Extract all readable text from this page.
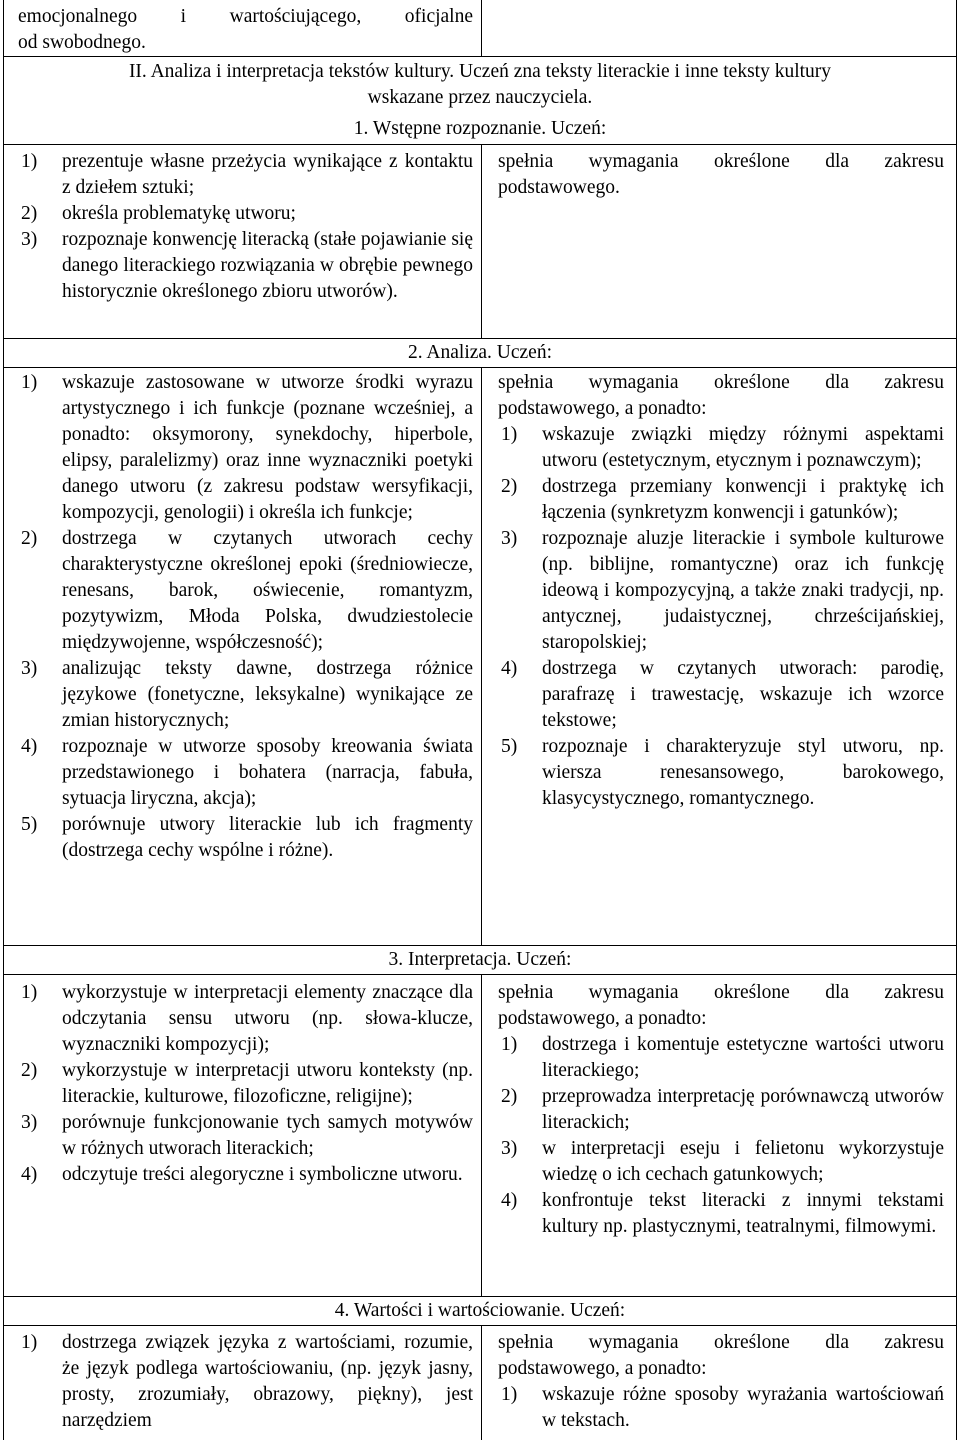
emocjonalnego i wartościującego, oficjalne
od swobodnego.
II. Analiza i interpretacja tekstów kultury. Uczeń zna teksty literackie i inne teksty kultury
wskazane przez nauczyciela.
1. Wstępne rozpoznanie. Uczeń:
1) prezentuje własne przeżycia wynikające z kontaktu z dziełem sztuki;
2) określa problematykę utworu;
3) rozpoznaje konwencję literacką (stałe pojawianie się danego literackiego rozwiązania w obrębie pewnego historycznie określonego zbioru utworów).
spełnia wymagania określone dla zakresu podstawowego.
2. Analiza. Uczeń:
1) wskazuje zastosowane w utworze środki wyrazu artystycznego i ich funkcje (poznane wcześniej, a ponadto: oksymorony, synekdochy, hiperbole, elipsy, paralelizmy) oraz inne wyznaczniki poetyki danego utworu (z zakresu podstaw wersyfikacji, kompozycji, genologii) i określa ich funkcje;
2) dostrzega w czytanych utworach cechy charakterystyczne określonej epoki (średniowiecze, renesans, barok, oświecenie, romantyzm, pozytywizm, Młoda Polska, dwudziestolecie międzywojenne, współczesność);
3) analizując teksty dawne, dostrzega różnice językowe (fonetyczne, leksykalne) wynikające ze zmian historycznych;
4) rozpoznaje w utworze sposoby kreowania świata przedstawionego i bohatera (narracja, fabuła, sytuacja liryczna, akcja);
5) porównuje utwory literackie lub ich fragmenty (dostrzega cechy wspólne i różne).
spełnia wymagania określone dla zakresu podstawowego, a ponadto:
1) wskazuje związki między różnymi aspektami utworu (estetycznym, etycznym i poznawczym);
2) dostrzega przemiany konwencji i praktykę ich łączenia (synkretyzm konwencji i gatunków);
3) rozpoznaje aluzje literackie i symbole kulturowe (np. biblijne, romantyczne) oraz ich funkcję ideową i kompozycyjną, a także znaki tradycji, np. antycznej, judaistycznej, chrześcijańskiej, staropolskiej;
4) dostrzega w czytanych utworach: parodię, parafrazę i trawestację, wskazuje ich wzorce tekstowe;
5) rozpoznaje i charakteryzuje styl utworu, np. wiersza renesansowego, barokowego, klasycystycznego, romantycznego.
3. Interpretacja. Uczeń:
1) wykorzystuje w interpretacji elementy znaczące dla odczytania sensu utworu (np. słowa-klucze, wyznaczniki kompozycji);
2) wykorzystuje w interpretacji utworu konteksty (np. literackie, kulturowe, filozoficzne, religijne);
3) porównuje funkcjonowanie tych samych motywów w różnych utworach literackich;
4) odczytuje treści alegoryczne i symboliczne utworu.
spełnia wymagania określone dla zakresu podstawowego, a ponadto:
1) dostrzega i komentuje estetyczne wartości utworu literackiego;
2) przeprowadza interpretację porównawczą utworów literackich;
3) w interpretacji eseju i felietonu wykorzystuje wiedzę o ich cechach gatunkowych;
4) konfrontuje tekst literacki z innymi tekstami kultury np. plastycznymi, teatralnymi, filmowymi.
4. Wartości i wartościowanie. Uczeń:
1) dostrzega związek języka z wartościami, rozumie, że język podlega wartościowaniu, (np. język jasny, prosty, zrozumiały, obrazowy, piękny), jest narzędziem
spełnia wymagania określone dla zakresu podstawowego, a ponadto:
1) wskazuje różne sposoby wyrażania wartościowań w tekstach.
